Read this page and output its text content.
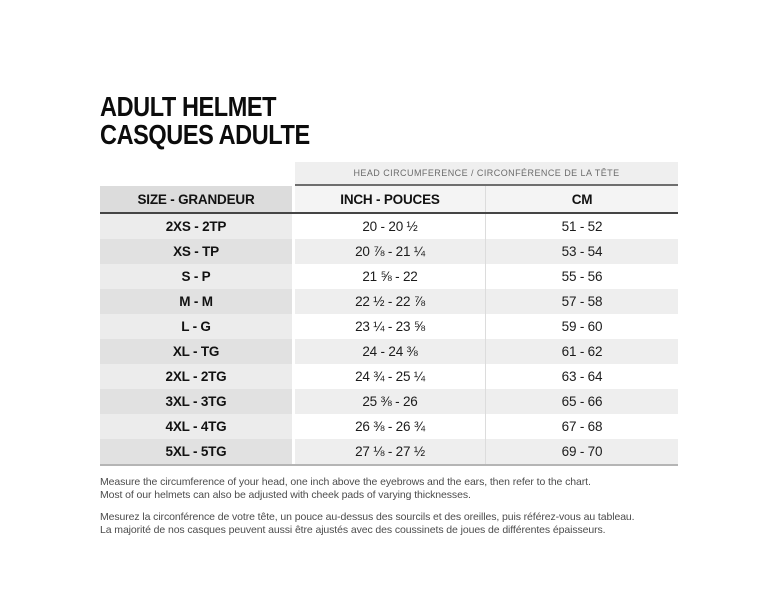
ADULT HELMET
CASQUES ADULTE
HEAD CIRCUMFERENCE / CIRCONFÉRENCE DE LA TÊTE
SIZE - GRANDEUR	INCH - POUCES	CM
2XS - 2TP	20 - 20 ½	51 - 52
XS - TP	20 ⅞ - 21 ¼	53 - 54
S - P	21 ⅝ - 22	55 - 56
M - M	22 ½ - 22 ⅞	57 - 58
L - G	23 ¼ - 23 ⅝	59 - 60
XL - TG	24 - 24 ⅜	61 - 62
2XL - 2TG	24 ¾ - 25 ¼	63 - 64
3XL - 3TG	25 ⅜ - 26	65 - 66
4XL - 4TG	26 ⅜ - 26 ¾	67 - 68
5XL - 5TG	27 ⅛ - 27 ½	69 - 70

Measure the circumference of your head, one inch above the eyebrows and the ears, then refer to the chart.
Most of our helmets can also be adjusted with cheek pads of varying thicknesses.

Mesurez la circonférence de votre tête, un pouce au-dessus des sourcils et des oreilles, puis référez-vous au tableau.
La majorité de nos casques peuvent aussi être ajustés avec des coussinets de joues de différentes épaisseurs.
